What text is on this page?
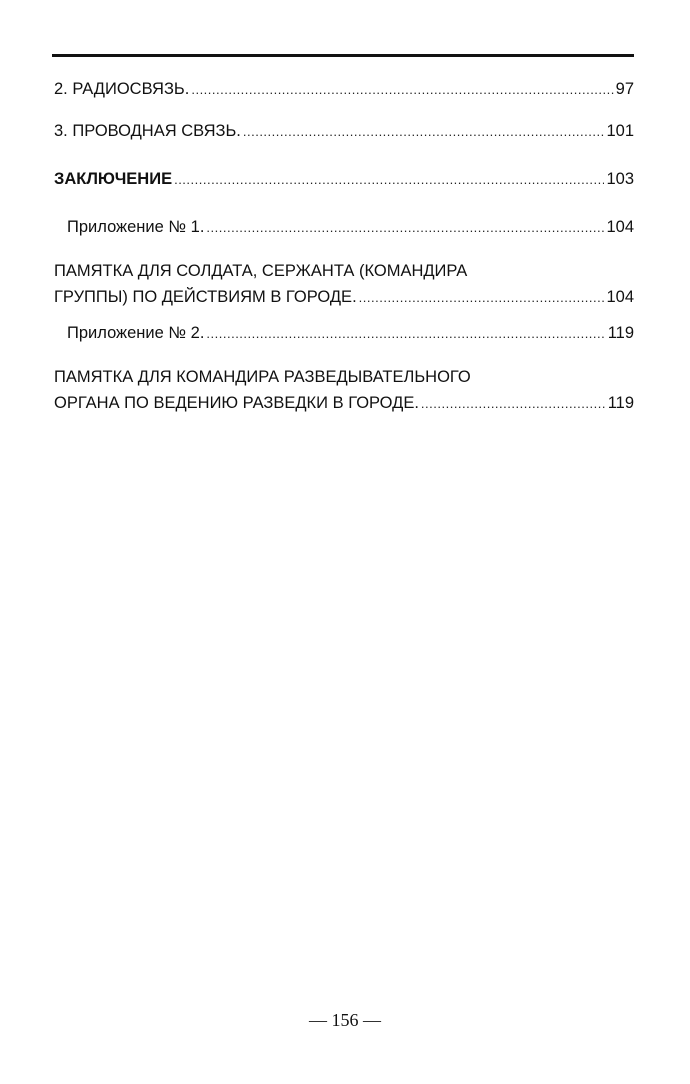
2. РАДИОСВЯЗЬ. .....	97
3. ПРОВОДНАЯ СВЯЗЬ. .....	101
ЗАКЛЮЧЕНИЕ .....	103
Приложение № 1. .....	104
ПАМЯТКА ДЛЯ СОЛДАТА, СЕРЖАНТА (КОМАНДИРА
ГРУППЫ) ПО ДЕЙСТВИЯМ В ГОРОДЕ. .....	104
Приложение № 2. .....	119
ПАМЯТКА ДЛЯ КОМАНДИРА РАЗВЕДЫВАТЕЛЬНОГО
ОРГАНА ПО ВЕДЕНИЮ РАЗВЕДКИ В ГОРОДЕ. .....	119
— 156 —
